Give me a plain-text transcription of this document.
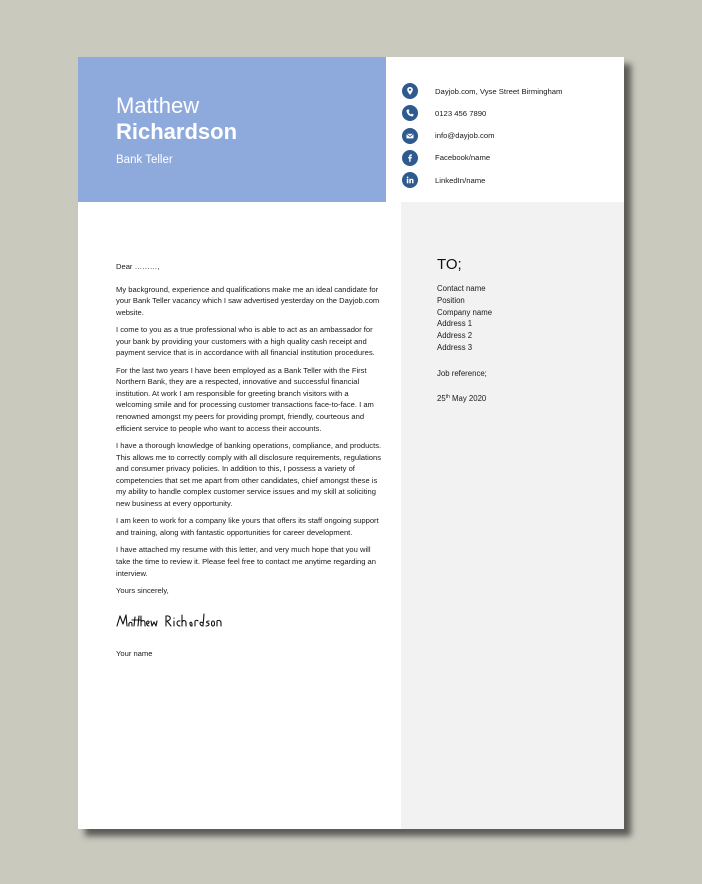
Matthew
Richardson
Bank Teller
Dayjob.com, Vyse Street Birmingham
0123 456 7890
info@dayjob.com
Facebook/name
LinkedIn/name
TO;
Contact name
Position
Company name
Address 1
Address 2
Address 3
Job reference;
25th May 2020

Dear ………,

My background, experience and qualifications make me an ideal candidate for your Bank Teller vacancy which I saw advertised yesterday on the Dayjob.com website.

I come to you as a true professional who is able to act as an ambassador for your bank by providing your customers with a high quality cash receipt and payment service that is in accordance with all financial institution procedures.

For the last two years I have been employed as a Bank Teller with the First Northern Bank, they are a respected, innovative and successful financial institution. At work I am responsible for greeting branch visitors with a welcoming smile and for processing customer transactions face-to-face. I am renowned amongst my peers for providing prompt, friendly, courteous and efficient service to people who want to access their accounts.

I have a thorough knowledge of banking operations, compliance, and products. This allows me to correctly comply with all disclosure requirements, regulations and consumer privacy policies. In addition to this, I possess a variety of competencies that set me apart from other candidates, chief amongst these is my ability to handle complex customer service issues and my skill at soliciting new business at every opportunity.

I am keen to work for a company like yours that offers its staff ongoing support and training, along with fantastic opportunities for career development.

I have attached my resume with this letter, and very much hope that you will take the time to review it. Please feel free to contact me anytime regarding an interview.

Yours sincerely,

Your name
